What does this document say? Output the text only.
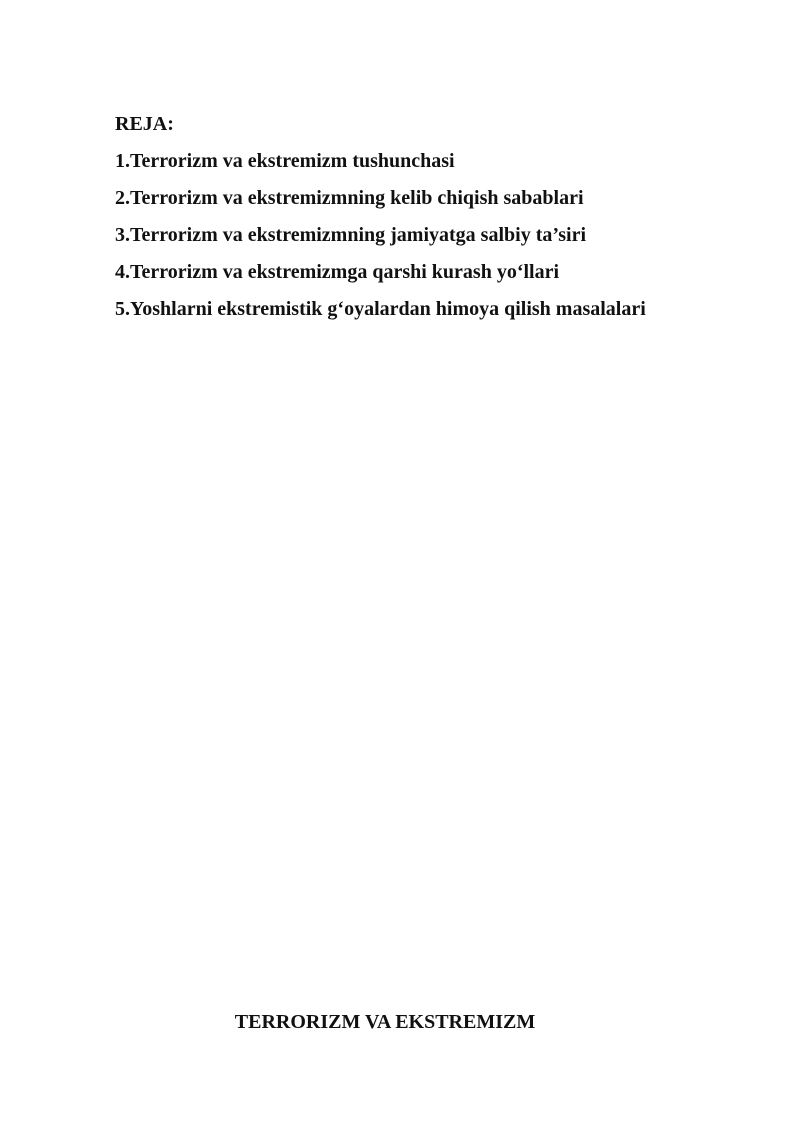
REJA:
1.Terrorizm va ekstremizm tushunchasi
2.Terrorizm va ekstremizmning kelib chiqish sabablari
3.Terrorizm va ekstremizmning jamiyatga salbiy ta’siri
4.Terrorizm va ekstremizmga qarshi kurash yo‘llari
5.Yoshlarni ekstremistik g‘oyalardan himoya qilish masalalari
TERRORIZM VA EKSTREMIZM
